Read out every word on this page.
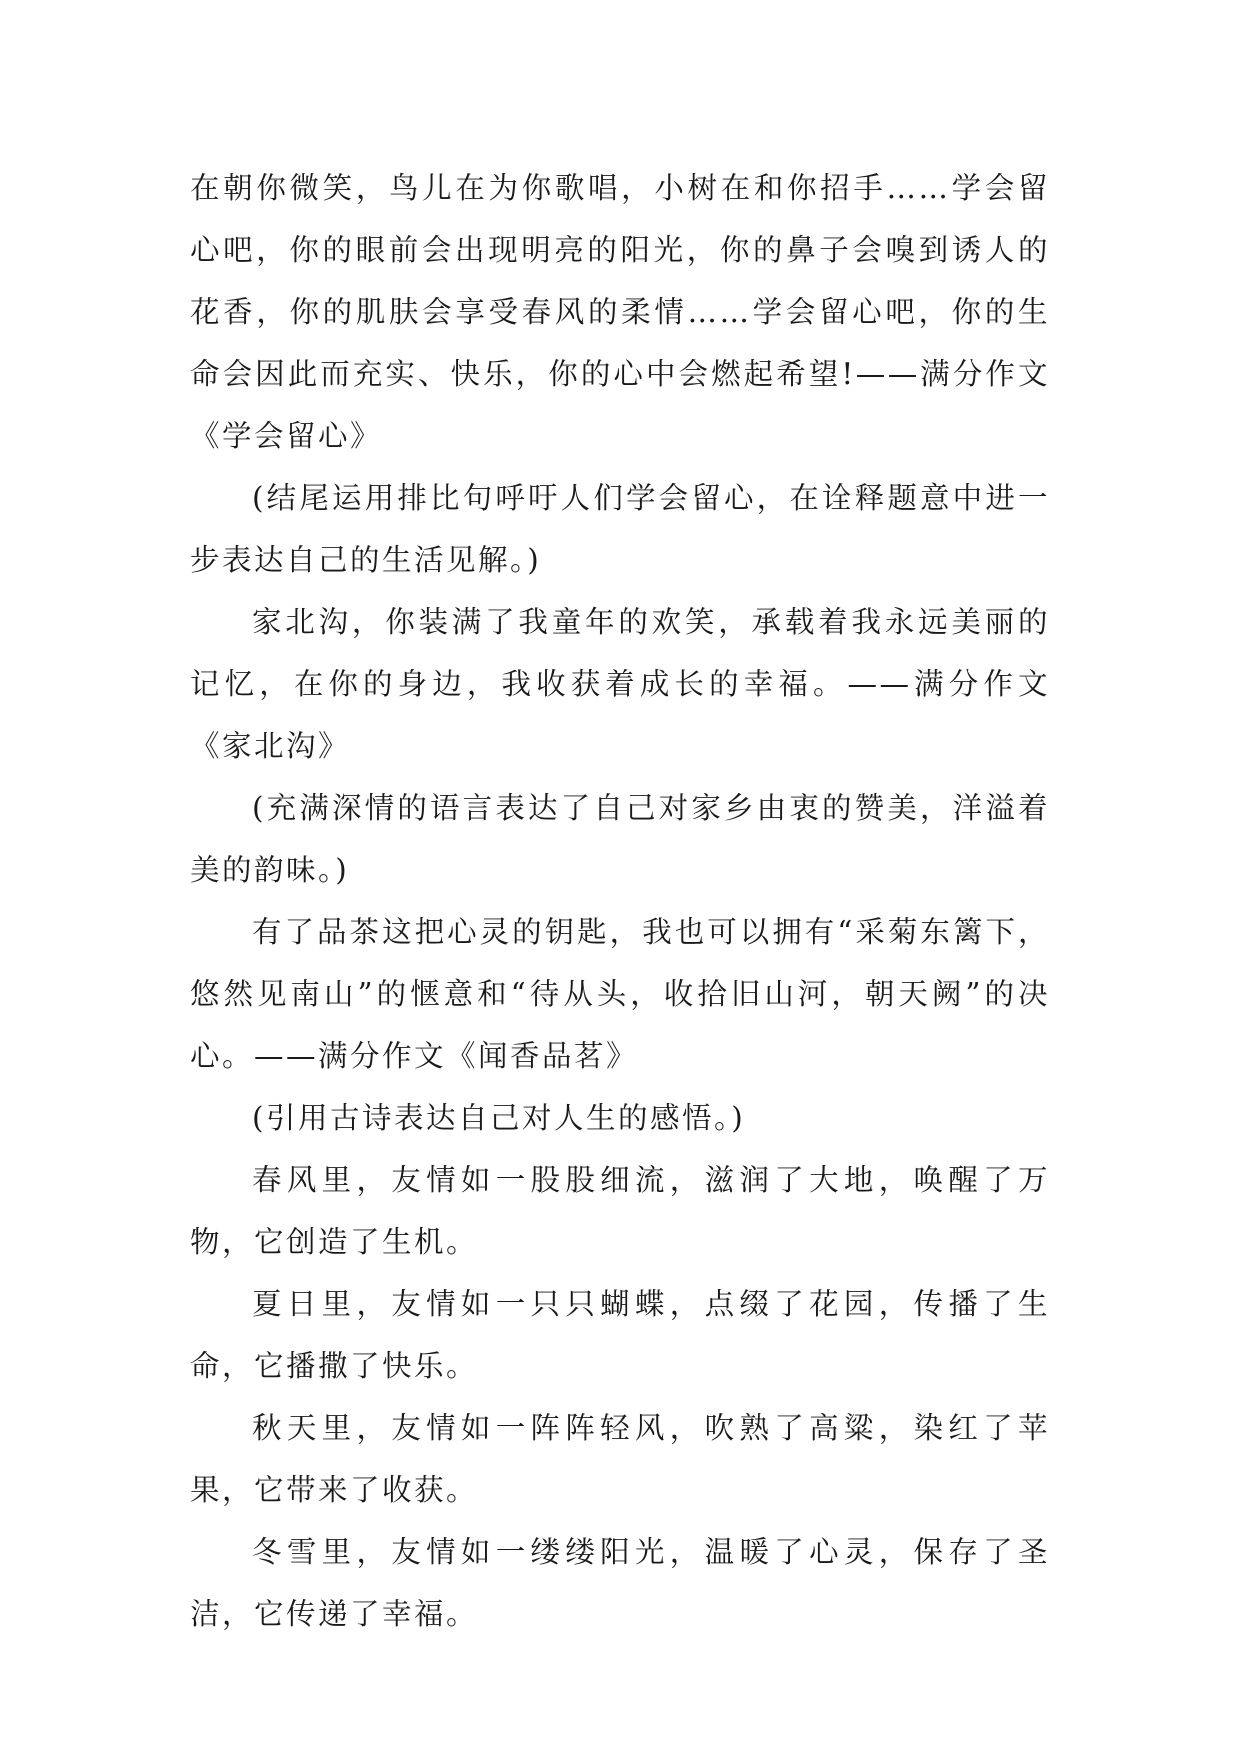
在朝你微笑，鸟儿在为你歌唱，小树在和你招手……学会留心吧，你的眼前会出现明亮的阳光，你的鼻子会嗅到诱人的花香，你的肌肤会享受春风的柔情……学会留心吧，你的生命会因此而充实、快乐，你的心中会燃起希望!——满分作文《学会留心》

(结尾运用排比句呼吁人们学会留心，在诠释题意中进一步表达自己的生活见解。)

家北沟，你装满了我童年的欢笑，承载着我永远美丽的记忆，在你的身边，我收获着成长的幸福。——满分作文《家北沟》

(充满深情的语言表达了自己对家乡由衷的赞美，洋溢着美的韵味。)

有了品茶这把心灵的钥匙，我也可以拥有“采菊东篱下，悠然见南山”的惬意和“待从头，收拾旧山河，朝天阙”的决心。——满分作文《闻香品茗》

(引用古诗表达自己对人生的感悟。)

春风里，友情如一股股细流，滋润了大地，唤醒了万物，它创造了生机。

夏日里，友情如一只只蝴蝶，点缀了花园，传播了生命，它播撒了快乐。

秋天里，友情如一阵阵轻风，吹熟了高粱，染红了苹果，它带来了收获。

冬雪里，友情如一缕缕阳光，温暖了心灵，保存了圣洁，它传递了幸福。
